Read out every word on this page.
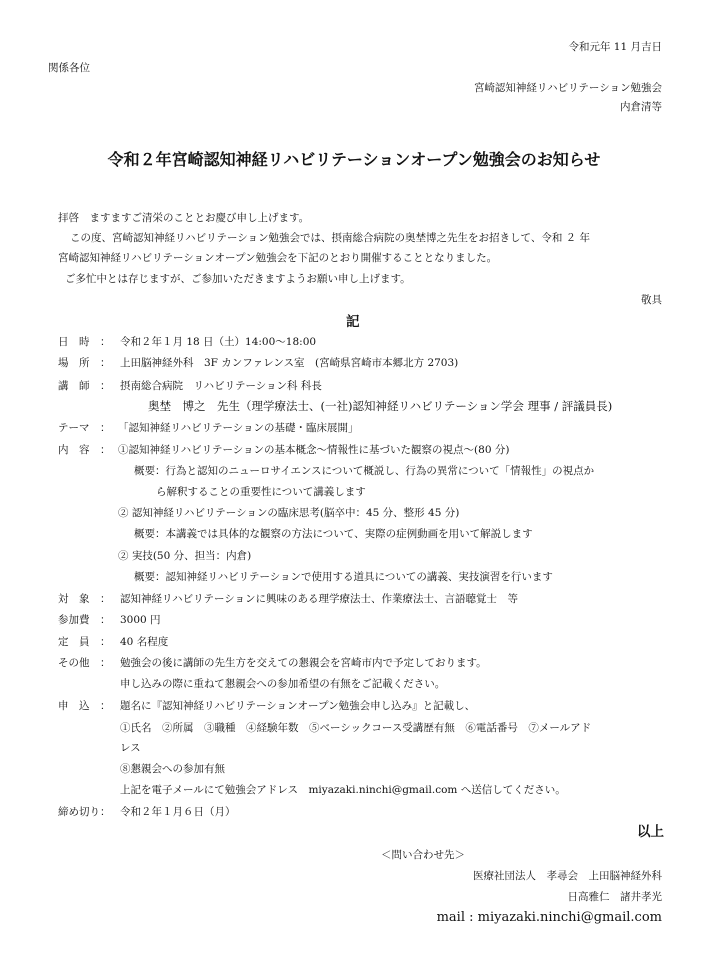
令和元年 11 月吉日
関係各位
宮崎認知神経リハビリテーション勉強会
内倉清等
令和２年宮崎認知神経リハビリテーションオープン勉強会のお知らせ
拝啓　ますますご清栄のこととお慶び申し上げます。
この度、宮崎認知神経リハビリテーション勉強会では、摂南総合病院の奥埜博之先生をお招きして、令和 ２ 年
宮崎認知神経リハビリテーションオープン勉強会を下記のとおり開催することとなりました。
ご多忙中とは存じますが、ご参加いただきますようお願い申し上げます。
敬具
記
日　時　： 令和２年１月 18 日（土）14:00～18:00
場　所　： 上田脳神経外科　3F カンファレンス室　(宮崎県宮崎市本郷北方 2703)
講　師　： 摂南総合病院　リハビリテーション科 科長
奥埜　博之　先生（理学療法士、(一社)認知神経リハビリテーション学会 理事 / 評議員長)
テーマ　： 「認知神経リハビリテーションの基礎・臨床展開」
内　容　： ①認知神経リハビリテーションの基本概念～情報性に基づいた観察の視点～(80 分)
概要：行為と認知のニューロサイエンスについて概説し、行為の異常について「情報性」の視点か
ら解釈することの重要性について講義します
② 認知神経リハビリテーションの臨床思考(脳卒中：45 分、整形 45 分)
概要：本講義では具体的な観察の方法について、実際の症例動画を用いて解説します
② 実技(50 分、担当：内倉)
概要：認知神経リハビリテーションで使用する道具についての講義、実技演習を行います
対　象　： 認知神経リハビリテーションに興味のある理学療法士、作業療法士、言語聴覚士　等
参加費　： 3000 円
定　員　： 40 名程度
その他　： 勉強会の後に講師の先生方を交えての懇親会を宮崎市内で予定しております。
申し込みの際に重ねて懇親会への参加希望の有無をご記載ください。
申　込　： 題名に『認知神経リハビリテーションオープン勉強会申し込み』と記載し、
①氏名　②所属　③職種　④経験年数　⑤ベーシックコース受講歴有無　⑥電話番号　⑦メールアド
レス
⑧懇親会への参加有無
上記を電子メールにて勉強会アドレス　miyazaki.ninchi@gmail.com へ送信してください。
締め切り： 令和２年１月６日（月）
以上
＜問い合わせ先＞
医療社団法人　孝尋会　上田脳神経外科
日高雅仁　諸井孝光
mail : miyazaki.ninchi@gmail.com
